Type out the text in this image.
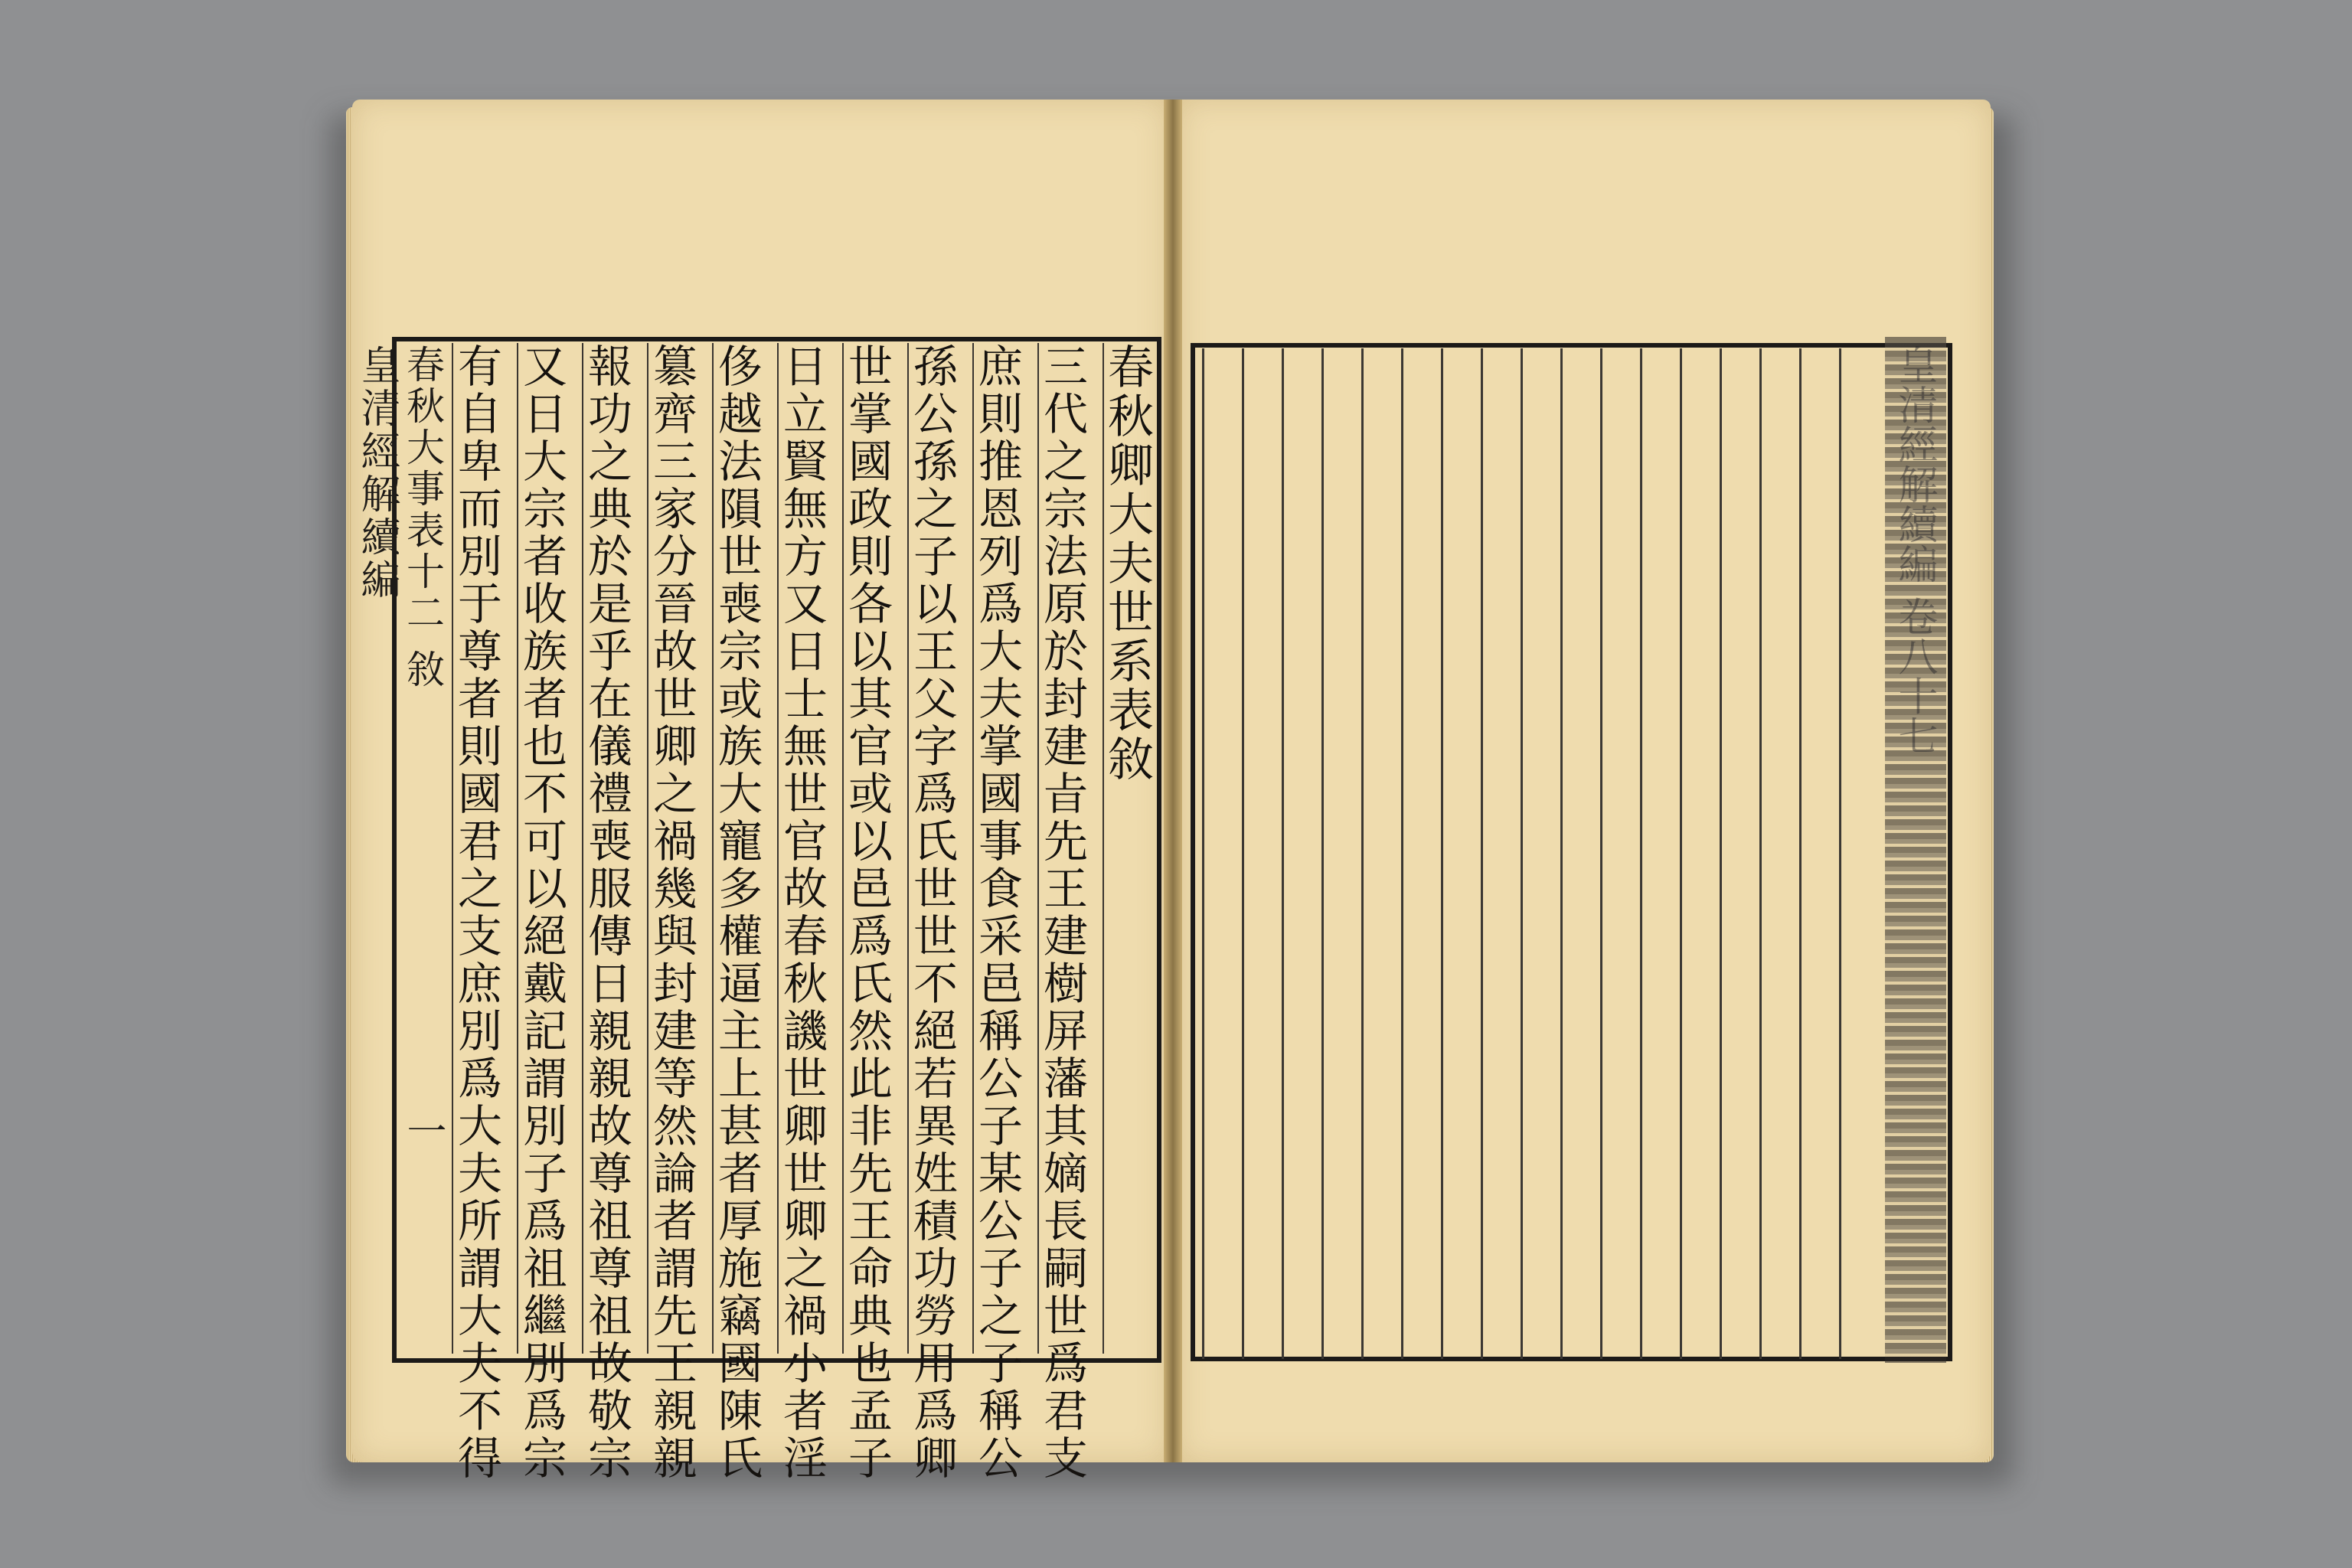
皇清經解續編 春秋大事表十二 敘
一
春秋卿大夫世系表敘
三代之宗法原於封建㫖先王建樹屏藩其嫡長嗣世爲君支
庶則推恩列爲大夫掌國事食采邑稱公子某公子之子稱公
孫公孫之子以王父字爲氏世世不絕若異姓積功勞用爲卿
世掌國政則各以其官或以邑爲氏然此非先王命典也孟子
日立賢無方又日士無世官故春秋譏世卿世卿之禍小者淫
侈越法隕世喪宗或族大寵多權逼主上甚者厚施竊國陳氏
簒齊三家分晉故世卿之禍幾與封建等然論者謂先王親親
報功之典於是乎在儀禮喪服傳日親親故尊祖尊祖故敬宗
又日大宗者收族者也不可以絕戴記謂別子爲祖繼別爲宗
有自卑而別于尊者則國君之支庶別爲大夫所謂大夫不得	皇清經解續編 卷八十七
